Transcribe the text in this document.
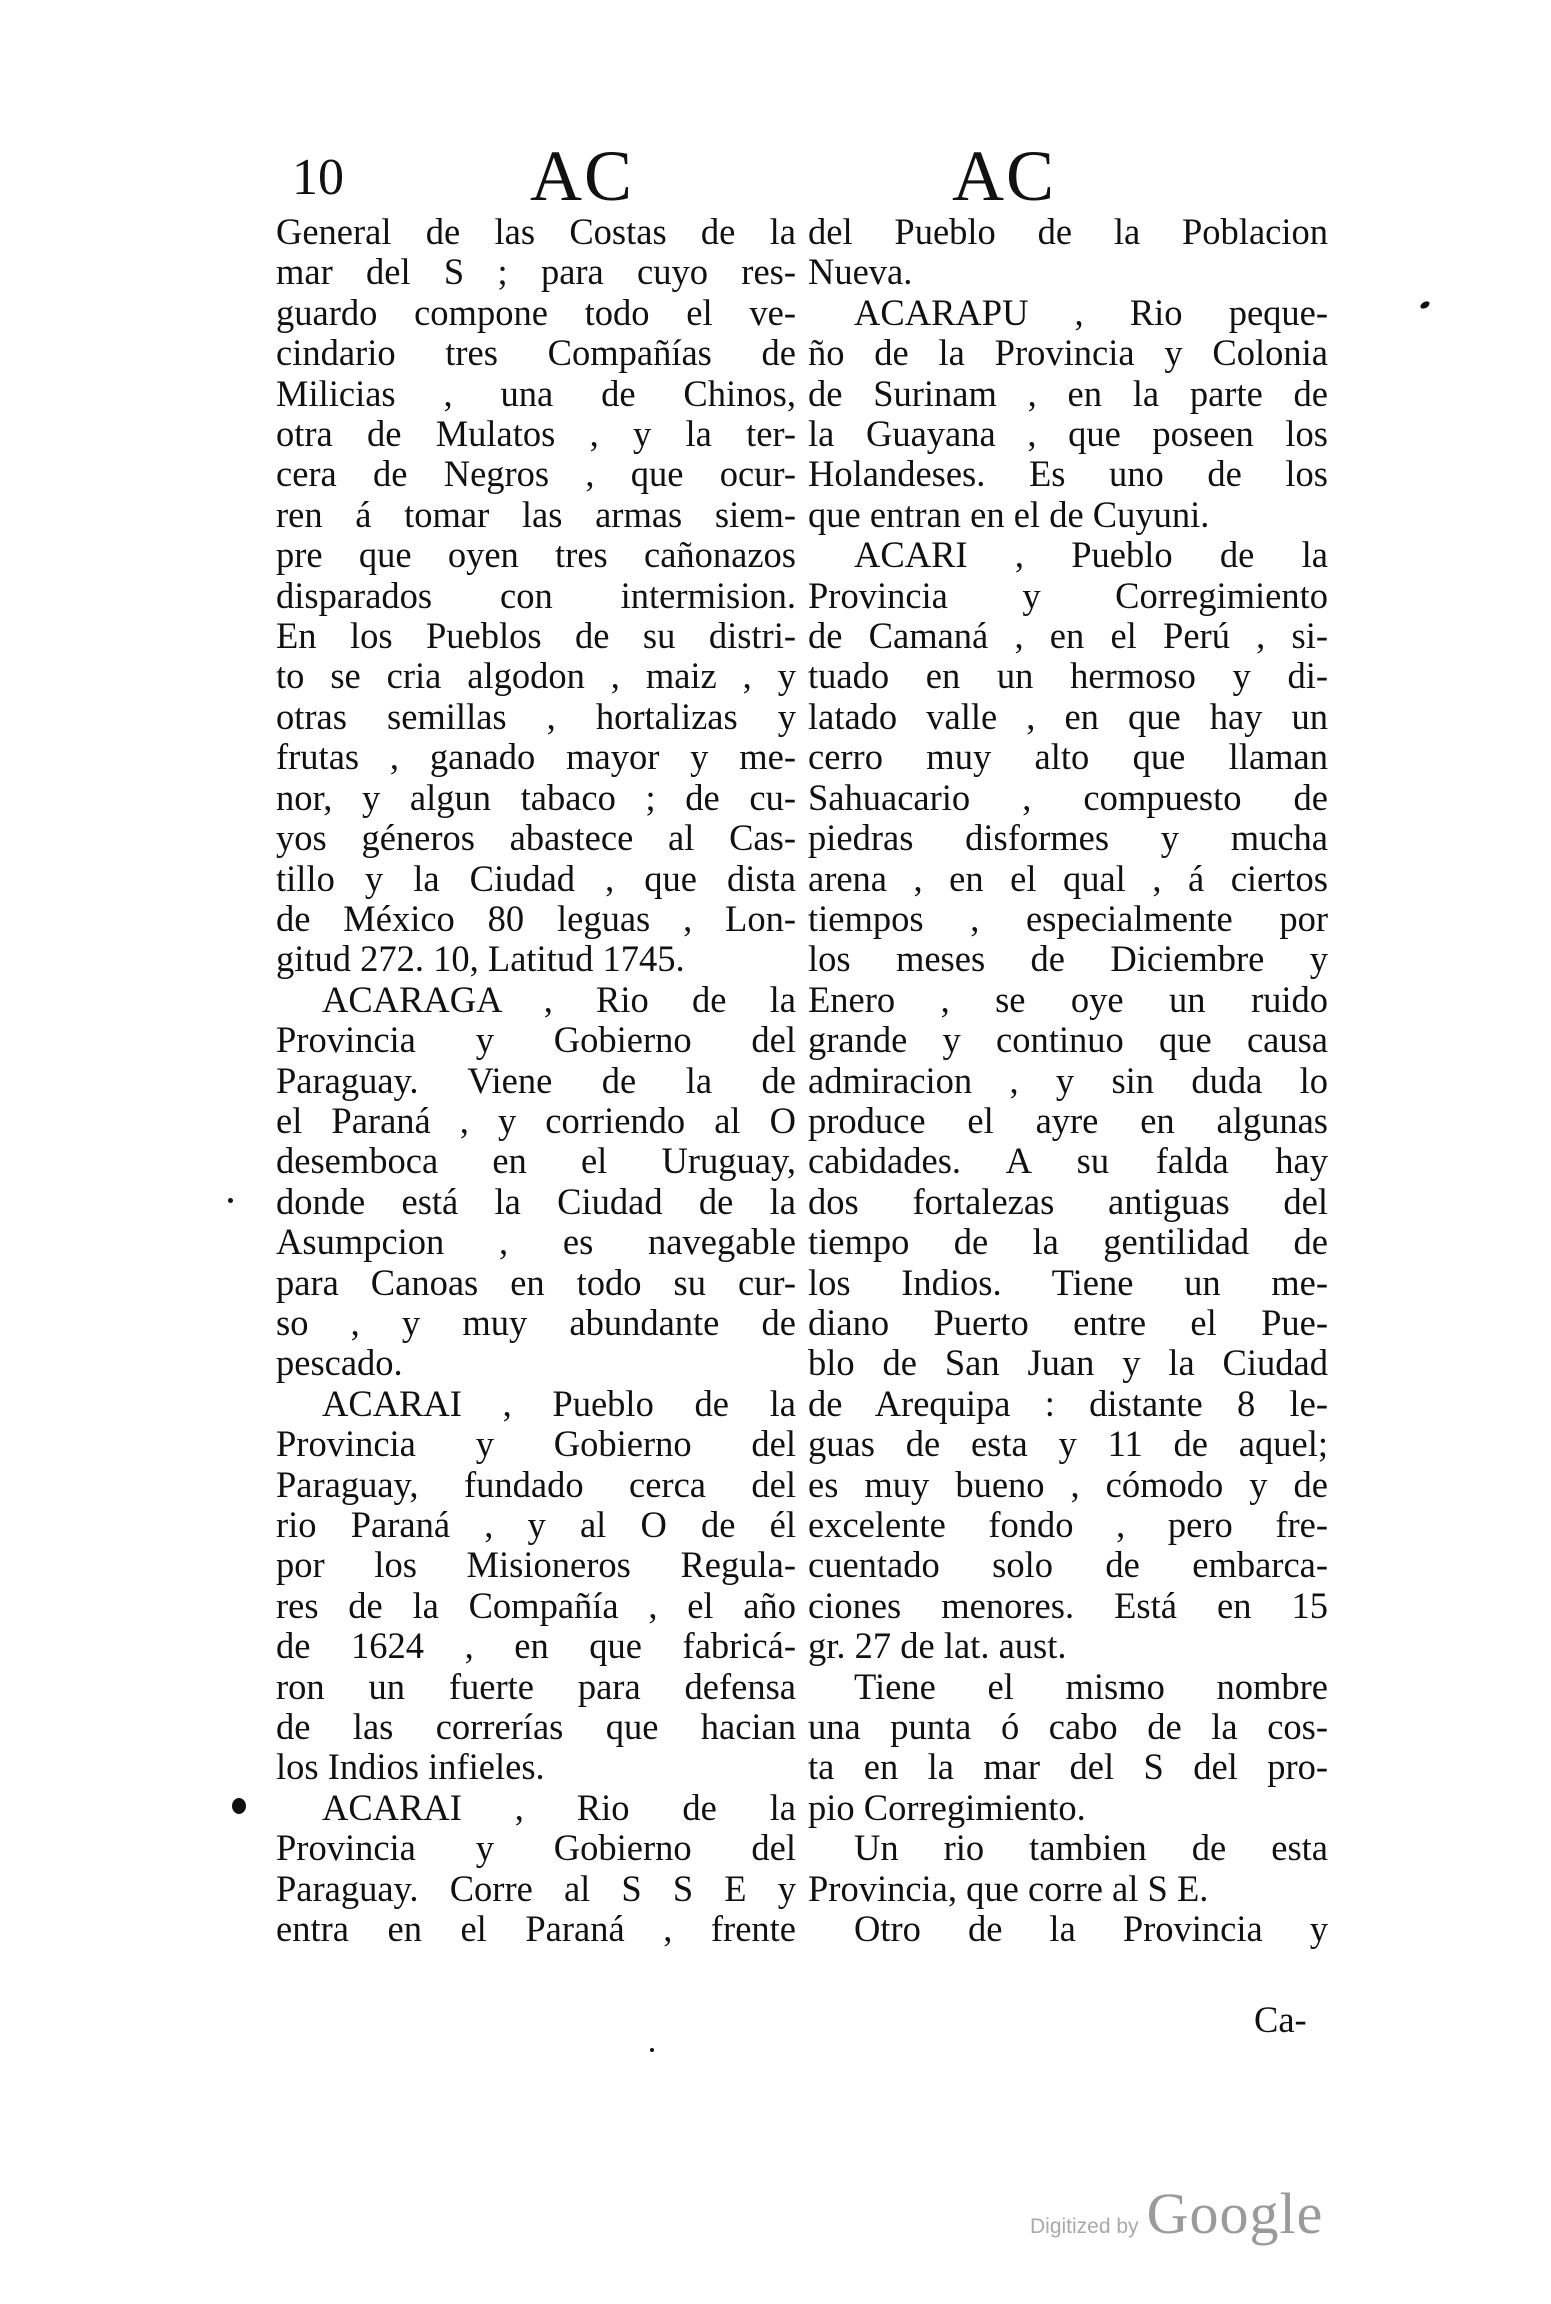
10	AC	AC
General de las Costas de la
mar del S ; para cuyo res-
guardo compone todo el ve-
cindario tres Compañías de
Milicias , una de Chinos,
otra de Mulatos , y la ter-
cera de Negros , que ocur-
ren á tomar las armas siem-
pre que oyen tres cañonazos
disparados con intermision.
En los Pueblos de su distri-
to se cria algodon , maiz , y
otras semillas , hortalizas y
frutas , ganado mayor y me-
nor, y algun tabaco ; de cu-
yos géneros abastece al Cas-
tillo y la Ciudad , que dista
de México 80 leguas , Lon-
gitud 272. 10, Latitud 1745.
ACARAGA , Rio de la
Provincia y Gobierno del
Paraguay. Viene de la de
el Paraná , y corriendo al O
desemboca en el Uruguay,
donde está la Ciudad de la
Asumpcion , es navegable
para Canoas en todo su cur-
so , y muy abundante de
pescado.
ACARAI , Pueblo de la
Provincia y Gobierno del
Paraguay, fundado cerca del
rio Paraná , y al O de él
por los Misioneros Regula-
res de la Compañía , el año
de 1624 , en que fabricá-
ron un fuerte para defensa
de las correrías que hacian
los Indios infieles.
ACARAI , Rio de la
Provincia y Gobierno del
Paraguay. Corre al S S E y
entra en el Paraná , frente
del Pueblo de la Poblacion
Nueva.
ACARAPU , Rio peque-
ño de la Provincia y Colonia
de Surinam , en la parte de
la Guayana , que poseen los
Holandeses. Es uno de los
que entran en el de Cuyuni.
ACARI , Pueblo de la
Provincia y Corregimiento
de Camaná , en el Perú , si-
tuado en un hermoso y di-
latado valle , en que hay un
cerro muy alto que llaman
Sahuacario , compuesto de
piedras disformes y mucha
arena , en el qual , á ciertos
tiempos , especialmente por
los meses de Diciembre y
Enero , se oye un ruido
grande y continuo que causa
admiracion , y sin duda lo
produce el ayre en algunas
cabidades. A su falda hay
dos fortalezas antiguas del
tiempo de la gentilidad de
los Indios. Tiene un me-
diano Puerto entre el Pue-
blo de San Juan y la Ciudad
de Arequipa : distante 8 le-
guas de esta y 11 de aquel;
es muy bueno , cómodo y de
excelente fondo , pero fre-
cuentado solo de embarca-
ciones menores. Está en 15
gr. 27 de lat. aust.
Tiene el mismo nombre
una punta ó cabo de la cos-
ta en la mar del S del pro-
pio Corregimiento.
Un rio tambien de esta
Provincia, que corre al S E.
Otro de la Provincia y
Ca-
Digitized by Google
